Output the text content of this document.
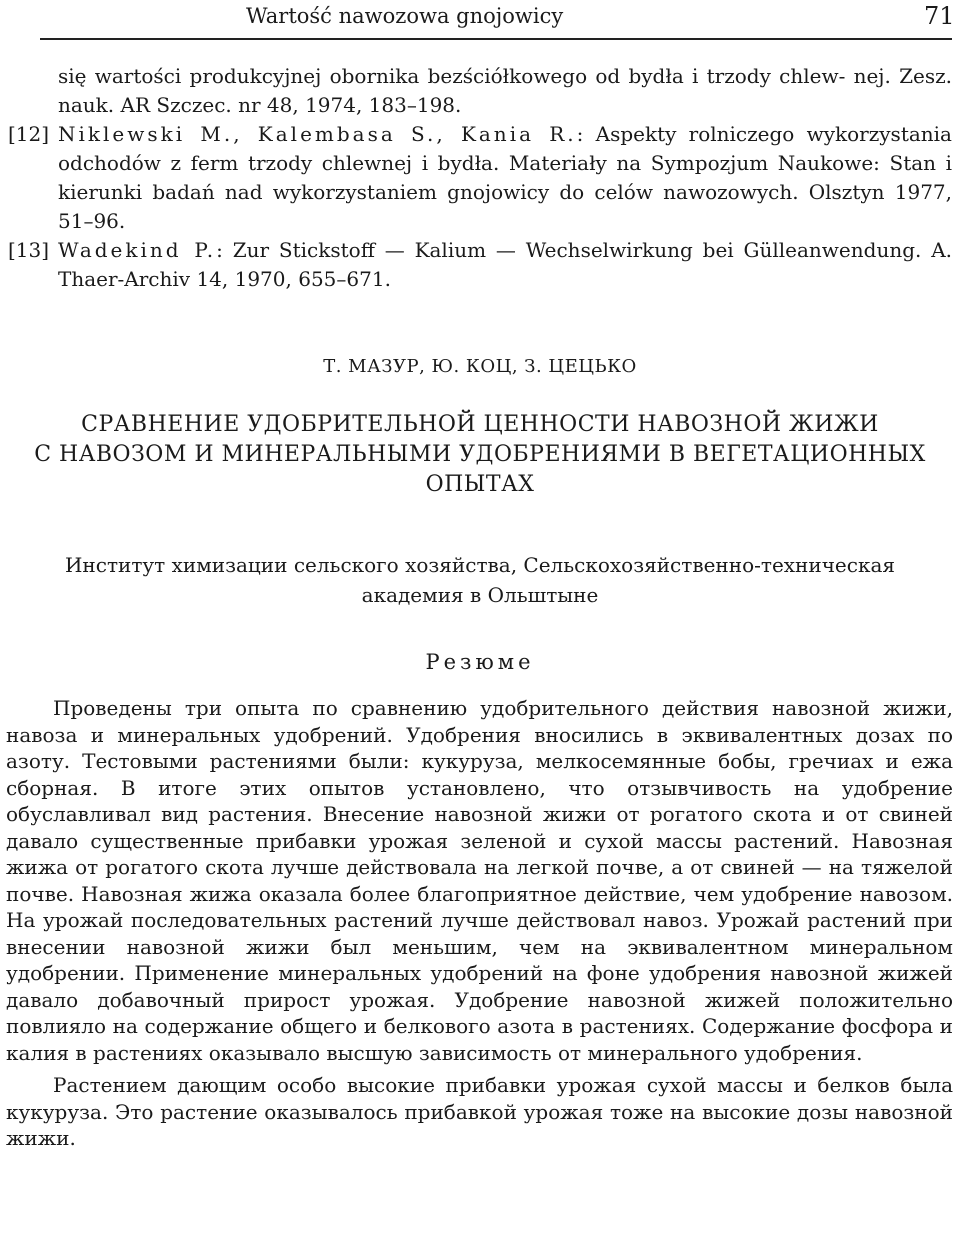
Wartość nawozowa gnojowicy	71
się wartości produkcyjnej obornika bezściółkowego od bydła i trzody chlew- nej. Zesz. nauk. AR Szczec. nr 48, 1974, 183–198.
[12] Niklewski M., Kalembasa S., Kania R.: Aspekty rolniczego wykorzystania odchodów z ferm trzody chlewnej i bydła. Materiały na Sympozjum Naukowe: Stan i kierunki badań nad wykorzystaniem gnojowicy do celów nawozowych. Olsztyn 1977, 51–96.
[13] Wadekind P.: Zur Stickstoff — Kalium — Wechselwirkung bei Gülleanwendung. A. Thaer-Archiv 14, 1970, 655–671.
Т. МАЗУР, Ю. КОЦ, З. ЦЕЦЬКО
СРАВНЕНИЕ УДОБРИТЕЛЬНОЙ ЦЕННОСТИ НАВОЗНОЙ ЖИЖИ
С НАВОЗОМ И МИНЕРАЛЬНЫМИ УДОБРЕНИЯМИ В ВЕГЕТАЦИОННЫХ
ОПЫТАХ
Институт химизации сельского хозяйства, Сельскохозяйственно-техническая
академия в Ольштыне
Резюме

Проведены три опыта по сравнению удобрительного действия навозной жижи, навоза и минеральных удобрений. Удобрения вносились в эквивалентных дозах по азоту. Тестовыми растениями были: кукуруза, мелкосемянные бобы, гречиах и ежа сборная. В итоге этих опытов установлено, что отзывчивость на удобрение обуславливал вид растения. Внесение навозной жижи от рогатого скота и от свиней давало существенные прибавки урожая зеленой и сухой массы растений. Навозная жижа от рогатого скота лучше действовала на легкой почве, а от свиней — на тяжелой почве. Навозная жижа оказала более благоприятное действие, чем удобрение навозом. На урожай последовательных растений лучше действовал навоз. Урожай растений при внесении навозной жижи был меньшим, чем на эквивалентном минеральном удобрении. Применение минеральных удобрений на фоне удобрения навозной жижей давало добавочный прирост урожая. Удобрение навозной жижей положительно повлияло на содержание общего и белкового азота в растениях. Содержание фосфора и калия в растениях оказывало высшую зависимость от минерального удобрения.

Растением дающим особо высокие прибавки урожая сухой массы и белков была кукуруза. Это растение оказывалось прибавкой урожая тоже на высокие дозы навозной жижи.
